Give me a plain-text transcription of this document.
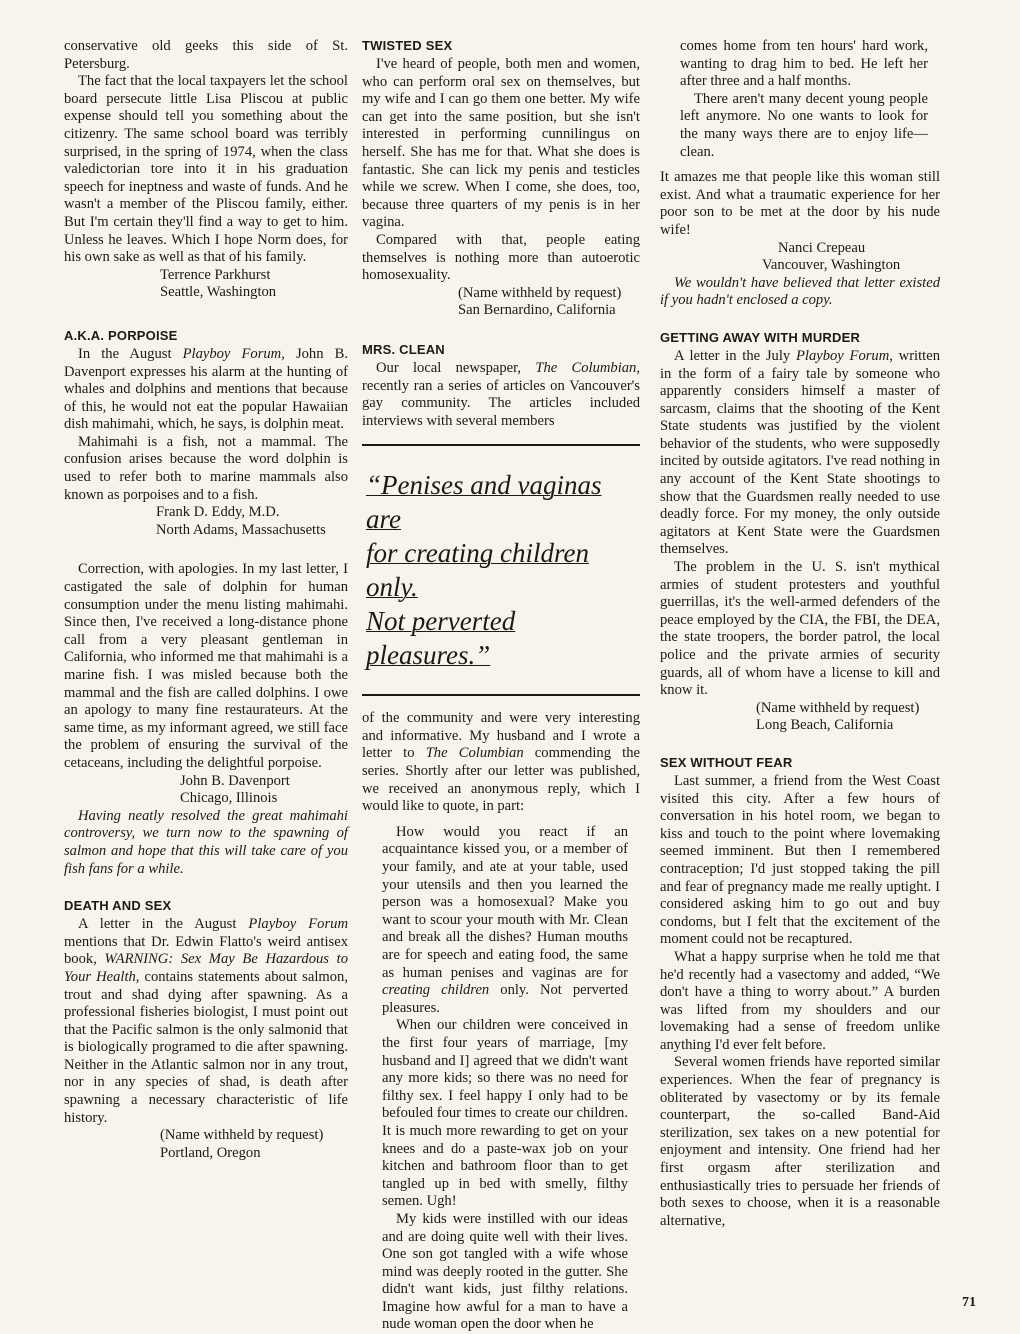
conservative old geeks this side of St. Petersburg.

The fact that the local taxpayers let the school board persecute little Lisa Pliscou at public expense should tell you something about the citizenry. The same school board was terribly surprised, in the spring of 1974, when the class valedictorian tore into it in his graduation speech for ineptness and waste of funds. And he wasn't a member of the Pliscou family, either. But I'm certain they'll find a way to get to him. Unless he leaves. Which I hope Norm does, for his own sake as well as that of his family.

Terrence Parkhurst
Seattle, Washington

A.K.A. PORPOISE

In the August Playboy Forum, John B. Davenport expresses his alarm at the hunting of whales and dolphins and mentions that because of this, he would not eat the popular Hawaiian dish mahimahi, which, he says, is dolphin meat.

Mahimahi is a fish, not a mammal. The confusion arises because the word dolphin is used to refer both to marine mammals also known as porpoises and to a fish.

Frank D. Eddy, M.D.
North Adams, Massachusetts

Correction, with apologies. In my last letter, I castigated the sale of dolphin for human consumption under the menu listing mahimahi. Since then, I've received a long-distance phone call from a very pleasant gentleman in California, who informed me that mahimahi is a marine fish. I was misled because both the mammal and the fish are called dolphins. I owe an apology to many fine restaurateurs. At the same time, as my informant agreed, we still face the problem of ensuring the survival of the cetaceans, including the delightful porpoise.

John B. Davenport
Chicago, Illinois

Having neatly resolved the great mahimahi controversy, we turn now to the spawning of salmon and hope that this will take care of you fish fans for a while.

DEATH AND SEX

A letter in the August Playboy Forum mentions that Dr. Edwin Flatto's weird antisex book, WARNING: Sex May Be Hazardous to Your Health, contains statements about salmon, trout and shad dying after spawning. As a professional fisheries biologist, I must point out that the Pacific salmon is the only salmonid that is biologically programed to die after spawning. Neither in the Atlantic salmon nor in any trout, nor in any species of shad, is death after spawning a necessary characteristic of life history.

(Name withheld by request)
Portland, Oregon

TWISTED SEX

I've heard of people, both men and women, who can perform oral sex on themselves, but my wife and I can go them one better. My wife can get into the same position, but she isn't interested in performing cunnilingus on herself. She has me for that. What she does is fantastic. She can lick my penis and testicles while we screw. When I come, she does, too, because three quarters of my penis is in her vagina.

Compared with that, people eating themselves is nothing more than autoerotic homosexuality.

(Name withheld by request)
San Bernardino, California

MRS. CLEAN

Our local newspaper, The Columbian, recently ran a series of articles on Vancouver's gay community. The articles included interviews with several members

“Penises and vaginas are
for creating children only.
Not perverted pleasures.”

of the community and were very interesting and informative. My husband and I wrote a letter to The Columbian commending the series. Shortly after our letter was published, we received an anonymous reply, which I would like to quote, in part:

How would you react if an acquaintance kissed you, or a member of your family, and ate at your table, used your utensils and then you learned the person was a homosexual? Make you want to scour your mouth with Mr. Clean and break all the dishes? Human mouths are for speech and eating food, the same as human penises and vaginas are for creating children only. Not perverted pleasures.

When our children were conceived in the first four years of marriage, [my husband and I] agreed that we didn't want any more kids; so there was no need for filthy sex. I feel happy I only had to be befouled four times to create our children. It is much more rewarding to get on your knees and do a paste-wax job on your kitchen and bathroom floor than to get tangled up in bed with smelly, filthy semen. Ugh!

My kids were instilled with our ideas and are doing quite well with their lives. One son got tangled with a wife whose mind was deeply rooted in the gutter. She didn't want kids, just filthy relations. Imagine how awful for a man to have a nude woman open the door when he

comes home from ten hours' hard work, wanting to drag him to bed. He left her after three and a half months.

There aren't many decent young people left anymore. No one wants to look for the many ways there are to enjoy life—clean.

It amazes me that people like this woman still exist. And what a traumatic experience for her poor son to be met at the door by his nude wife!

Nanci Crepeau
Vancouver, Washington

We wouldn't have believed that letter existed if you hadn't enclosed a copy.

GETTING AWAY WITH MURDER

A letter in the July Playboy Forum, written in the form of a fairy tale by someone who apparently considers himself a master of sarcasm, claims that the shooting of the Kent State students was justified by the violent behavior of the students, who were supposedly incited by outside agitators. I've read nothing in any account of the Kent State shootings to show that the Guardsmen really needed to use deadly force. For my money, the only outside agitators at Kent State were the Guardsmen themselves.

The problem in the U. S. isn't mythical armies of student protesters and youthful guerrillas, it's the well-armed defenders of the peace employed by the CIA, the FBI, the DEA, the state troopers, the border patrol, the local police and the private armies of security guards, all of whom have a license to kill and know it.

(Name withheld by request)
Long Beach, California

SEX WITHOUT FEAR

Last summer, a friend from the West Coast visited this city. After a few hours of conversation in his hotel room, we began to kiss and touch to the point where lovemaking seemed imminent. But then I remembered contraception; I'd just stopped taking the pill and fear of pregnancy made me really uptight. I considered asking him to go out and buy condoms, but I felt that the excitement of the moment could not be recaptured.

What a happy surprise when he told me that he'd recently had a vasectomy and added, “We don't have a thing to worry about.” A burden was lifted from my shoulders and our lovemaking had a sense of freedom unlike anything I'd ever felt before.

Several women friends have reported similar experiences. When the fear of pregnancy is obliterated by vasectomy or by its female counterpart, the so-called Band-Aid sterilization, sex takes on a new potential for enjoyment and intensity. One friend had her first orgasm after sterilization and enthusiastically tries to persuade her friends of both sexes to choose, when it is a reasonable alternative,

71
